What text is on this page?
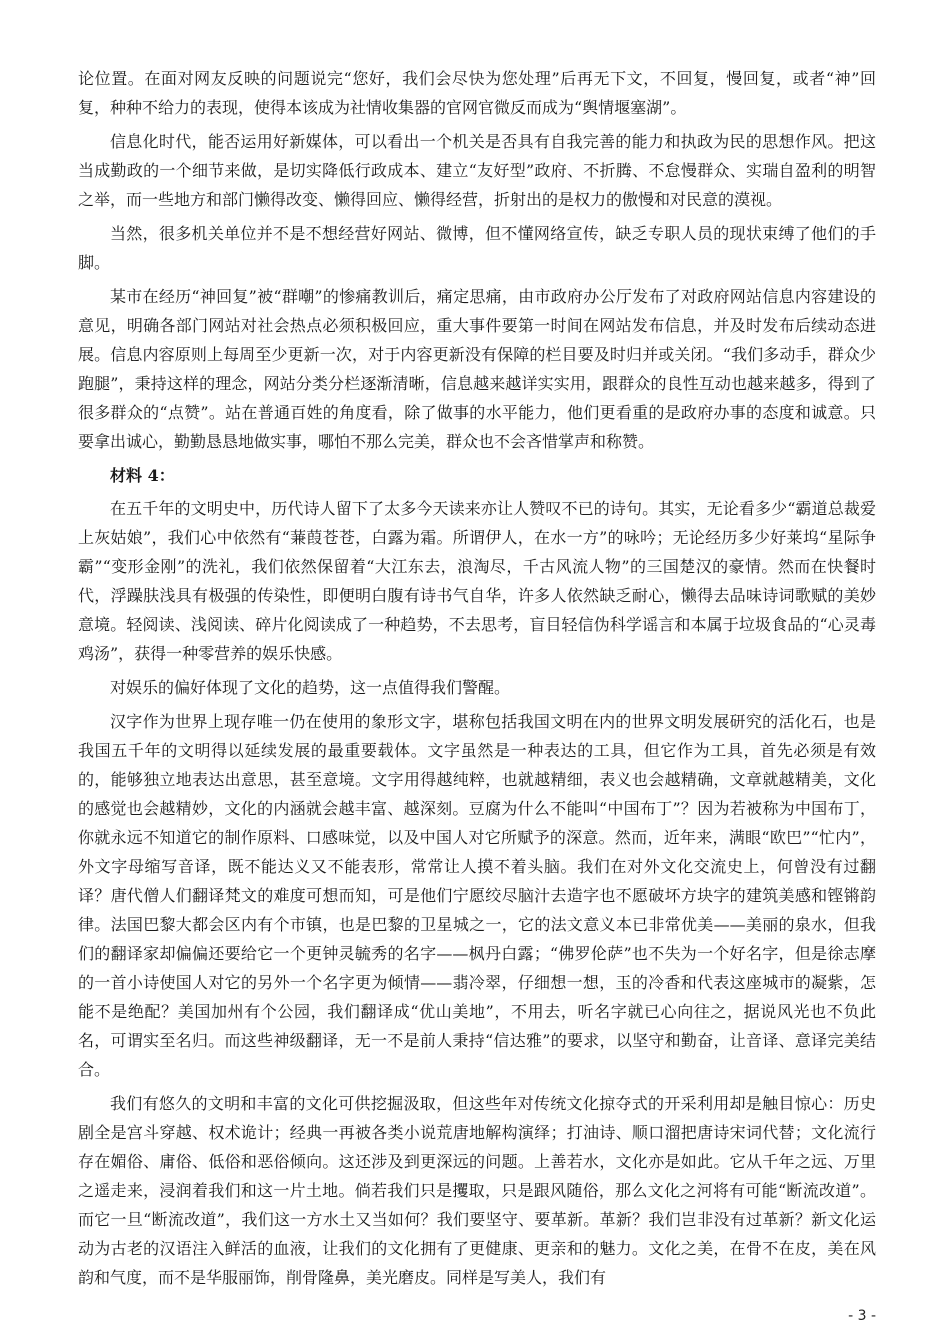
论位置。在面对网友反映的问题说完“您好，我们会尽快为您处理”后再无下文，不回复，慢回复，或者“神”回复，种种不给力的表现，使得本该成为社情收集器的官网官微反而成为“舆情堰塞湖”。

信息化时代，能否运用好新媒体，可以看出一个机关是否具有自我完善的能力和执政为民的思想作风。把这当成勤政的一个细节来做，是切实降低行政成本、建立“友好型”政府、不折腾、不怠慢群众、实瑞自盈利的明智之举，而一些地方和部门懒得改变、懒得回应、懒得经营，折射出的是权力的傲慢和对民意的漠视。

当然，很多机关单位并不是不想经营好网站、微博，但不懂网络宣传，缺乏专职人员的现状束缚了他们的手脚。

某市在经历“神回复”被“群嘲”的惨痛教训后，痛定思痛，由市政府办公厅发布了对政府网站信息内容建设的意见，明确各部门网站对社会热点必须积极回应，重大事件要第一时间在网站发布信息，并及时发布后续动态进展。信息内容原则上每周至少更新一次，对于内容更新没有保障的栏目要及时归并或关闭。“我们多动手，群众少跑腿”，秉持这样的理念，网站分类分栏逐渐清晰，信息越来越详实实用，跟群众的良性互动也越来越多，得到了很多群众的“点赞”。站在普通百姓的角度看，除了做事的水平能力，他们更看重的是政府办事的态度和诚意。只要拿出诚心，勤勤恳恳地做实事，哪怕不那么完美，群众也不会吝惜掌声和称赞。

材料 4：

在五千年的文明史中，历代诗人留下了太多今天读来亦让人赞叹不已的诗句。其实，无论看多少“霸道总裁爱上灰姑娘”，我们心中依然有“蒹葭苍苍，白露为霜。所谓伊人，在水一方”的咏吟；无论经历多少好莱坞“星际争霸”“变形金刚”的洗礼，我们依然保留着“大江东去，浪淘尽，千古风流人物”的三国楚汉的豪情。然而在快餐时代，浮躁肤浅具有极强的传染性，即便明白腹有诗书气自华，许多人依然缺乏耐心，懒得去品味诗词歌赋的美妙意境。轻阅读、浅阅读、碎片化阅读成了一种趋势，不去思考，盲目轻信伪科学谣言和本属于垃圾食品的“心灵毒鸡汤”，获得一种零营养的娱乐快感。

对娱乐的偏好体现了文化的趋势，这一点值得我们警醒。

汉字作为世界上现存唯一仍在使用的象形文字，堪称包括我国文明在内的世界文明发展研究的活化石，也是我国五千年的文明得以延续发展的最重要载体。文字虽然是一种表达的工具，但它作为工具，首先必须是有效的，能够独立地表达出意思，甚至意境。文字用得越纯粹，也就越精细，表义也会越精确，文章就越精美，文化的感觉也会越精妙，文化的内涵就会越丰富、越深刻。豆腐为什么不能叫“中国布丁”？因为若被称为中国布丁，你就永远不知道它的制作原料、口感味觉，以及中国人对它所赋予的深意。然而，近年来，满眼“欧巴”“忙内”，外文字母缩写音译，既不能达义又不能表形，常常让人摸不着头脑。我们在对外文化交流史上，何曾没有过翻译？唐代僧人们翻译梵文的难度可想而知，可是他们宁愿绞尽脑汁去造字也不愿破坏方块字的建筑美感和铿锵韵律。法国巴黎大都会区内有个市镇，也是巴黎的卫星城之一，它的法文意义本已非常优美——美丽的泉水，但我们的翻译家却偏偏还要给它一个更钟灵毓秀的名字——枫丹白露；“佛罗伦萨”也不失为一个好名字，但是徐志摩的一首小诗使国人对它的另外一个名字更为倾情——翡冷翠，仔细想一想，玉的冷香和代表这座城市的凝紫，怎能不是绝配？美国加州有个公园，我们翻译成“优山美地”，不用去，听名字就已心向往之，据说风光也不负此名，可谓实至名归。而这些神级翻译，无一不是前人秉持“信达雅”的要求，以坚守和勤奋，让音译、意译完美结合。

我们有悠久的文明和丰富的文化可供挖掘汲取，但这些年对传统文化掠夺式的开采利用却是触目惊心：历史剧全是宫斗穿越、权术诡计；经典一再被各类小说荒唐地解构演绎；打油诗、顺口溜把唐诗宋词代替；文化流行存在媚俗、庸俗、低俗和恶俗倾向。这还涉及到更深远的问题。上善若水，文化亦是如此。它从千年之远、万里之遥走来，浸润着我们和这一片土地。倘若我们只是攫取，只是跟风随俗，那么文化之河将有可能“断流改道”。而它一旦“断流改道”，我们这一方水土又当如何？我们要坚守、要革新。革新？我们岂非没有过革新？新文化运动为古老的汉语注入鲜活的血液，让我们的文化拥有了更健康、更亲和的魅力。文化之美，在骨不在皮，美在风韵和气度，而不是华服丽饰，削骨隆鼻，美光磨皮。同样是写美人，我们有

- 3 -
